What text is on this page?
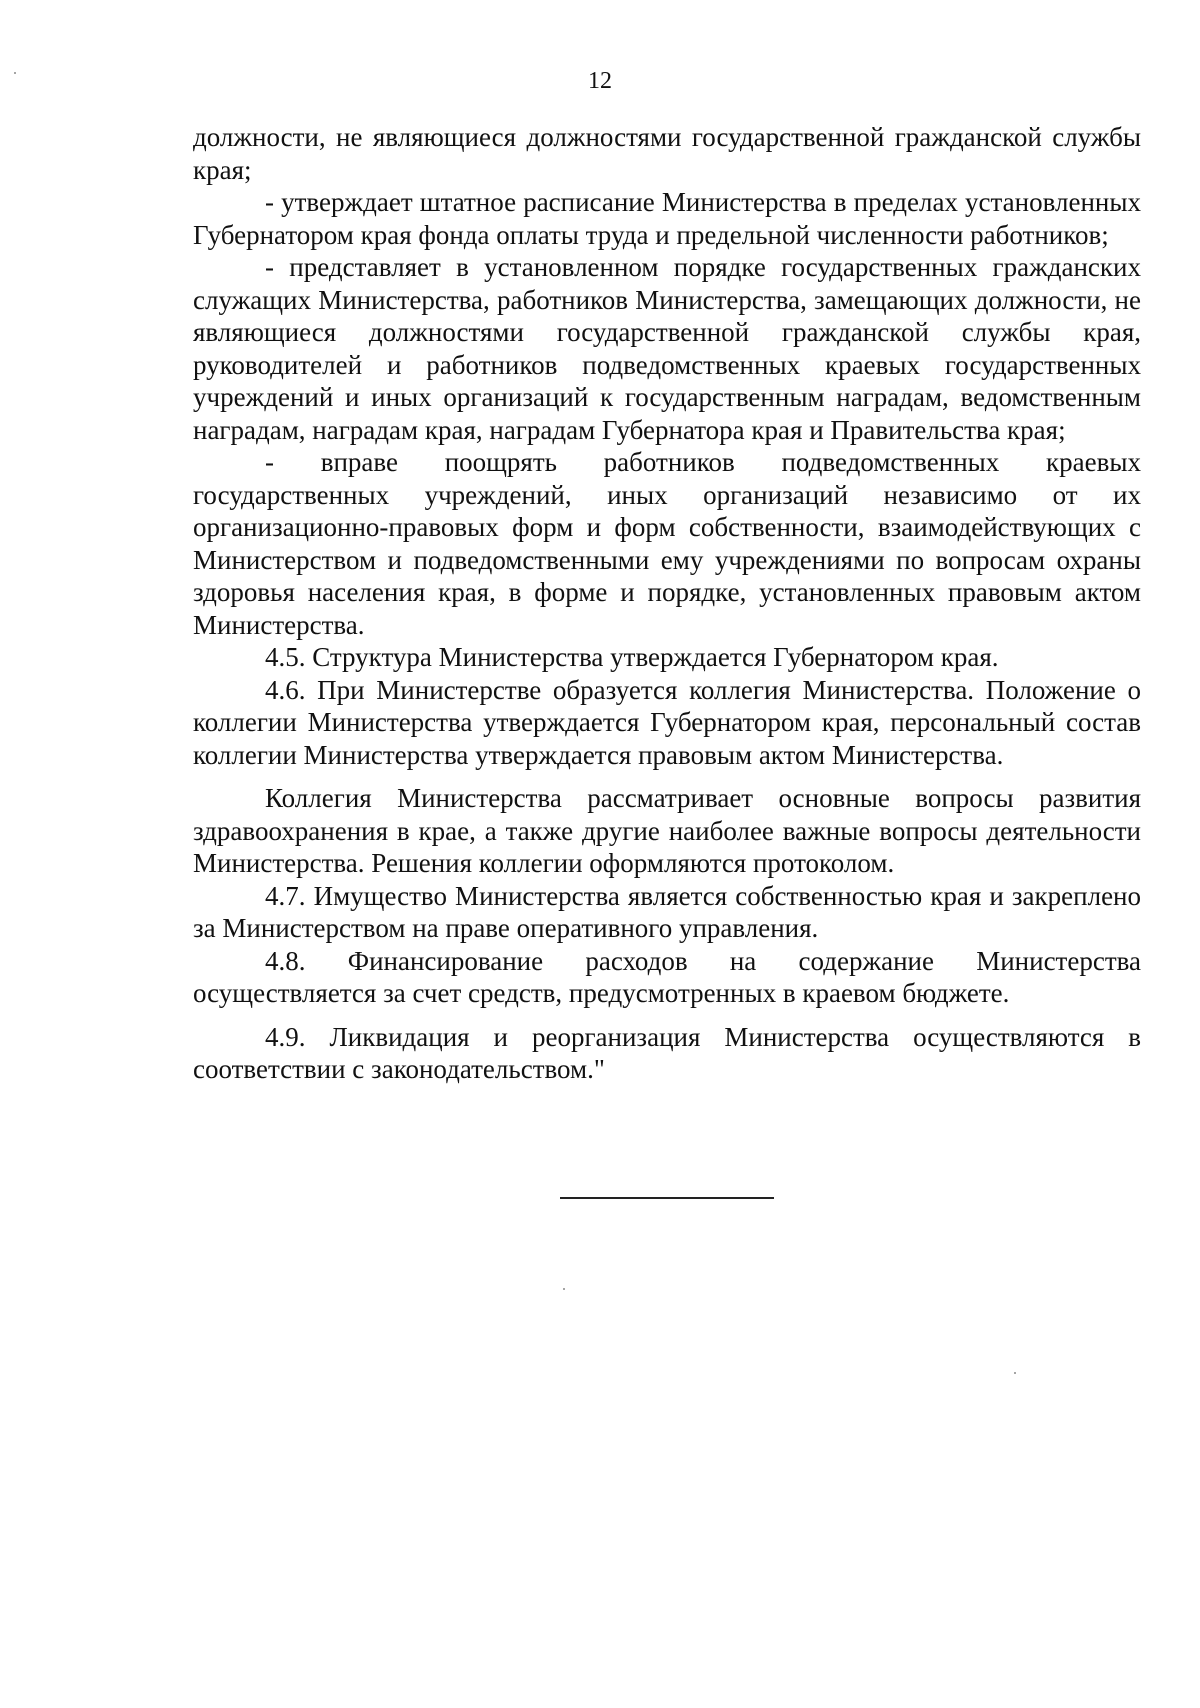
12

должности, не являющиеся должностями государственной гражданской службы края;

- утверждает штатное расписание Министерства в пределах установленных Губернатором края фонда оплаты труда и предельной численности работников;

- представляет в установленном порядке государственных гражданских служащих Министерства, работников Министерства, замещающих должности, не являющиеся должностями государственной гражданской службы края, руководителей и работников подведомственных краевых государственных учреждений и иных организаций к государственным наградам, ведомственным наградам, наградам края, наградам Губернатора края и Правительства края;

- вправе поощрять работников подведомственных краевых государственных учреждений, иных организаций независимо от их организационно-правовых форм и форм собственности, взаимодействующих с Министерством и подведомственными ему учреждениями по вопросам охраны здоровья населения края, в форме и порядке, установленных правовым актом Министерства.

4.5. Структура Министерства утверждается Губернатором края.

4.6. При Министерстве образуется коллегия Министерства. Положение о коллегии Министерства утверждается Губернатором края, персональный состав коллегии Министерства утверждается правовым актом Министерства.

Коллегия Министерства рассматривает основные вопросы развития здравоохранения в крае, а также другие наиболее важные вопросы деятельности Министерства. Решения коллегии оформляются протоколом.

4.7. Имущество Министерства является собственностью края и закреплено за Министерством на праве оперативного управления.

4.8. Финансирование расходов на содержание Министерства осуществляется за счет средств, предусмотренных в краевом бюджете.

4.9. Ликвидация и реорганизация Министерства осуществляются в соответствии с законодательством."
